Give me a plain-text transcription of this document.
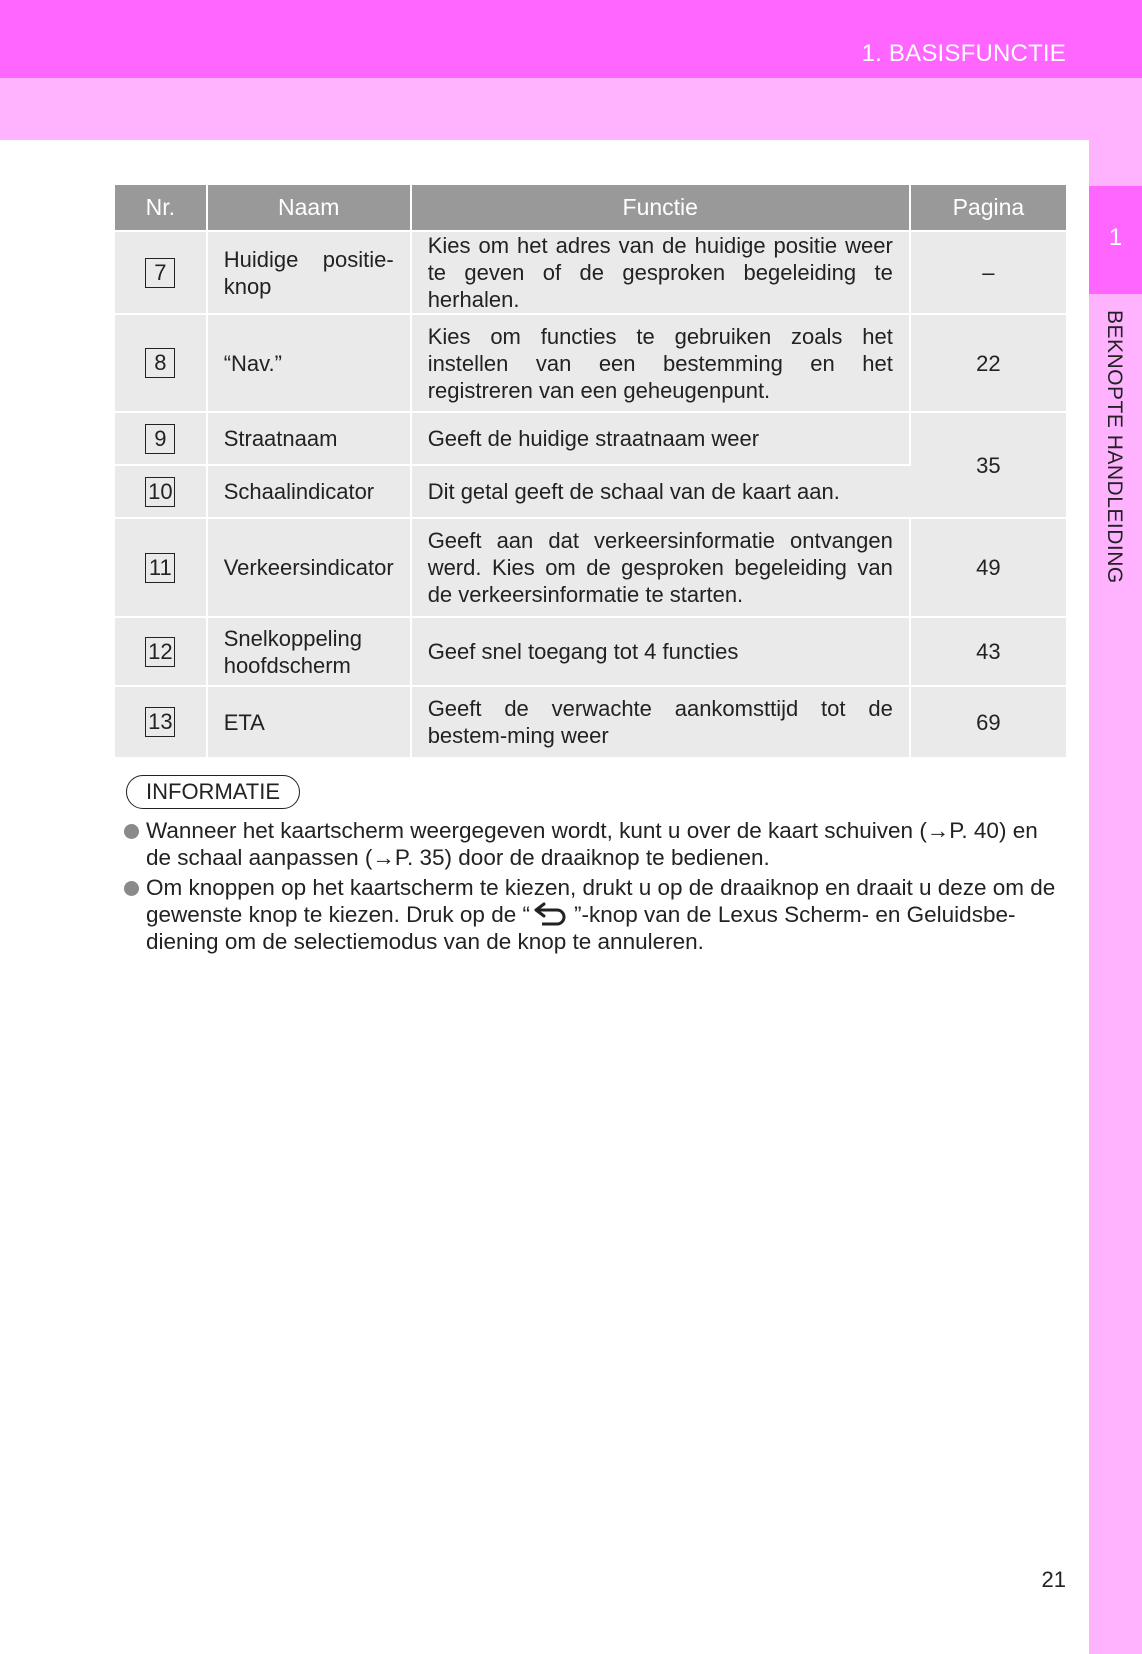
1. BASISFUNCTIE
1
BEKNOPTE HANDLEIDING
Nr.	Naam	Functie	Pagina
7	Huidige positie-knop	Kies om het adres van de huidige positie weer te geven of de gesproken begeleiding te herhalen.	–
8	“Nav.”	Kies om functies te gebruiken zoals het instellen van een bestemming en het registreren van een geheugenpunt.	22
9	Straatnaam	Geeft de huidige straatnaam weer	35
10	Schaalindicator	Dit getal geeft de schaal van de kaart aan.	
11	Verkeersindicator	Geeft aan dat verkeersinformatie ontvangen werd. Kies om de gesproken begeleiding van de verkeersinformatie te starten.	49
12	Snelkoppeling hoofdscherm	Geef snel toegang tot 4 functies	43
13	ETA	Geeft de verwachte aankomsttijd tot de bestem-ming weer	69
INFORMATIE
Wanneer het kaartscherm weergegeven wordt, kunt u over de kaart schuiven (→P. 40) en de schaal aanpassen (→P. 35) door de draaiknop te bedienen.
Om knoppen op het kaartscherm te kiezen, drukt u op de draaiknop en draait u deze om de gewenste knop te kiezen. Druk op de “ ”-knop van de Lexus Scherm- en Geluidsbe-diening om de selectiemodus van de knop te annuleren.
21
